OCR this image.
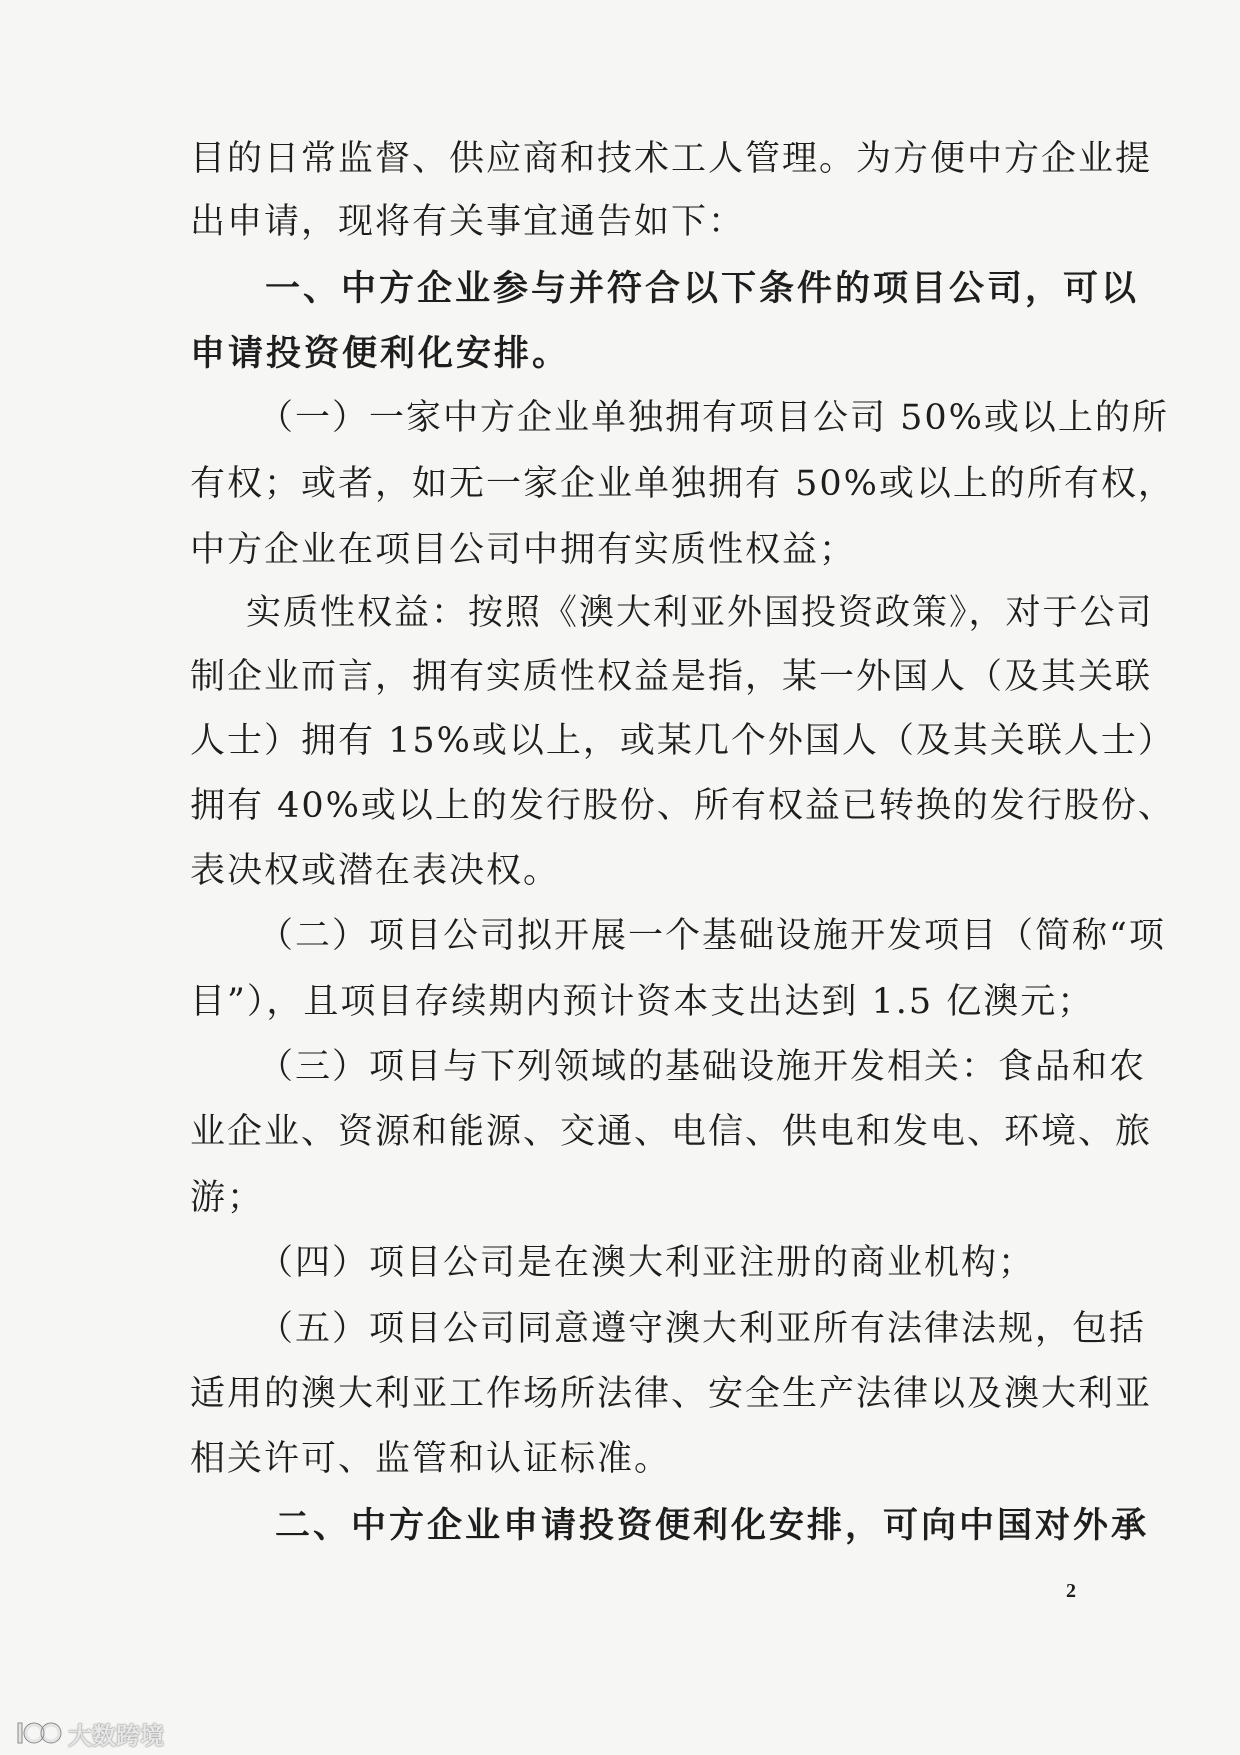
目的日常监督、供应商和技术工人管理。为方便中方企业提
出申请，现将有关事宜通告如下：
一、中方企业参与并符合以下条件的项目公司，可以
申请投资便利化安排。
（一）一家中方企业单独拥有项目公司 50%或以上的所
有权；或者，如无一家企业单独拥有 50%或以上的所有权，
中方企业在项目公司中拥有实质性权益；
实质性权益：按照《澳大利亚外国投资政策》，对于公司
制企业而言，拥有实质性权益是指，某一外国人（及其关联
人士）拥有 15%或以上，或某几个外国人（及其关联人士）
拥有 40%或以上的发行股份、所有权益已转换的发行股份、
表决权或潜在表决权。
（二）项目公司拟开展一个基础设施开发项目（简称“项
目”），且项目存续期内预计资本支出达到 1.5 亿澳元；
（三）项目与下列领域的基础设施开发相关：食品和农
业企业、资源和能源、交通、电信、供电和发电、环境、旅
游；
（四）项目公司是在澳大利亚注册的商业机构；
（五）项目公司同意遵守澳大利亚所有法律法规，包括
适用的澳大利亚工作场所法律、安全生产法律以及澳大利亚
相关许可、监管和认证标准。
二、中方企业申请投资便利化安排，可向中国对外承
2
大数跨境
